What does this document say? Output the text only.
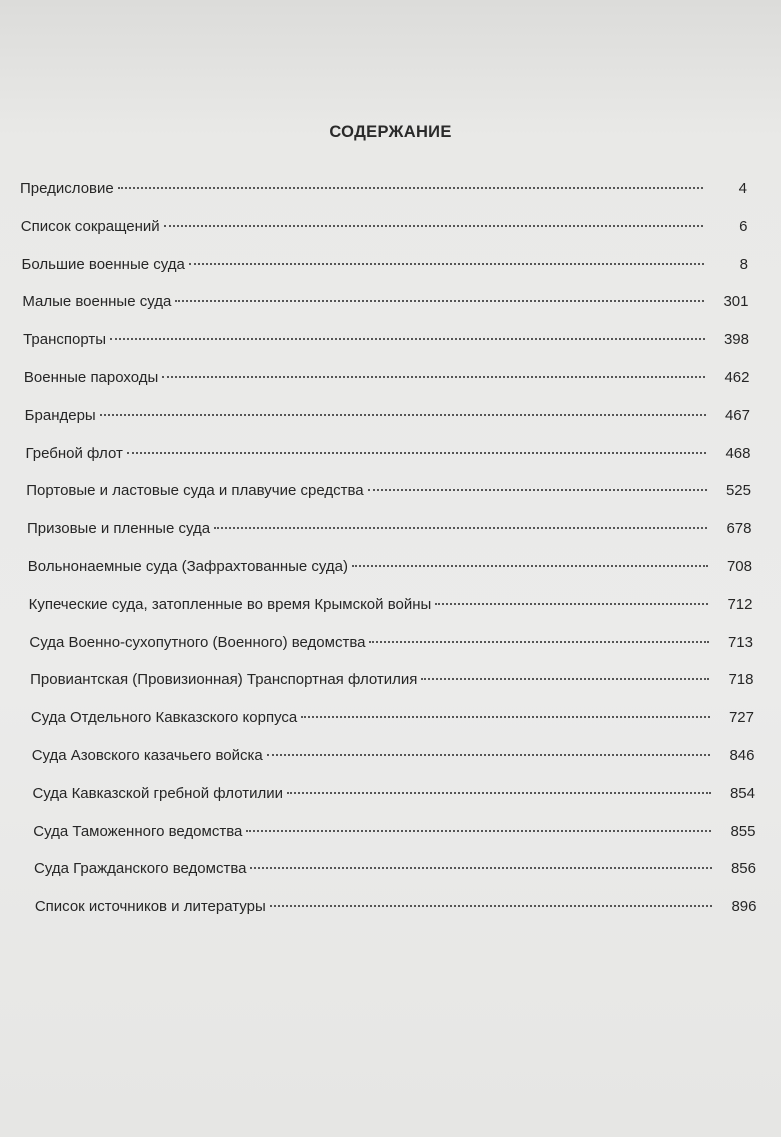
СОДЕРЖАНИЕ
Предисловие	4
Список сокращений	6
Большие военные суда	8
Малые военные суда	301
Транспорты	398
Военные пароходы	462
Брандеры	467
Гребной флот	468
Портовые и ластовые суда и плавучие средства	525
Призовые и пленные суда	678
Вольнонаемные суда (Зафрахтованные суда)	708
Купеческие суда, затопленные во время Крымской войны	712
Суда Военно-сухопутного (Военного) ведомства	713
Провиантская (Провизионная) Транспортная флотилия	718
Суда Отдельного Кавказского корпуса	727
Суда Азовского казачьего войска	846
Суда Кавказской гребной флотилии	854
Суда Таможенного ведомства	855
Суда Гражданского ведомства	856
Список источников и литературы	896
